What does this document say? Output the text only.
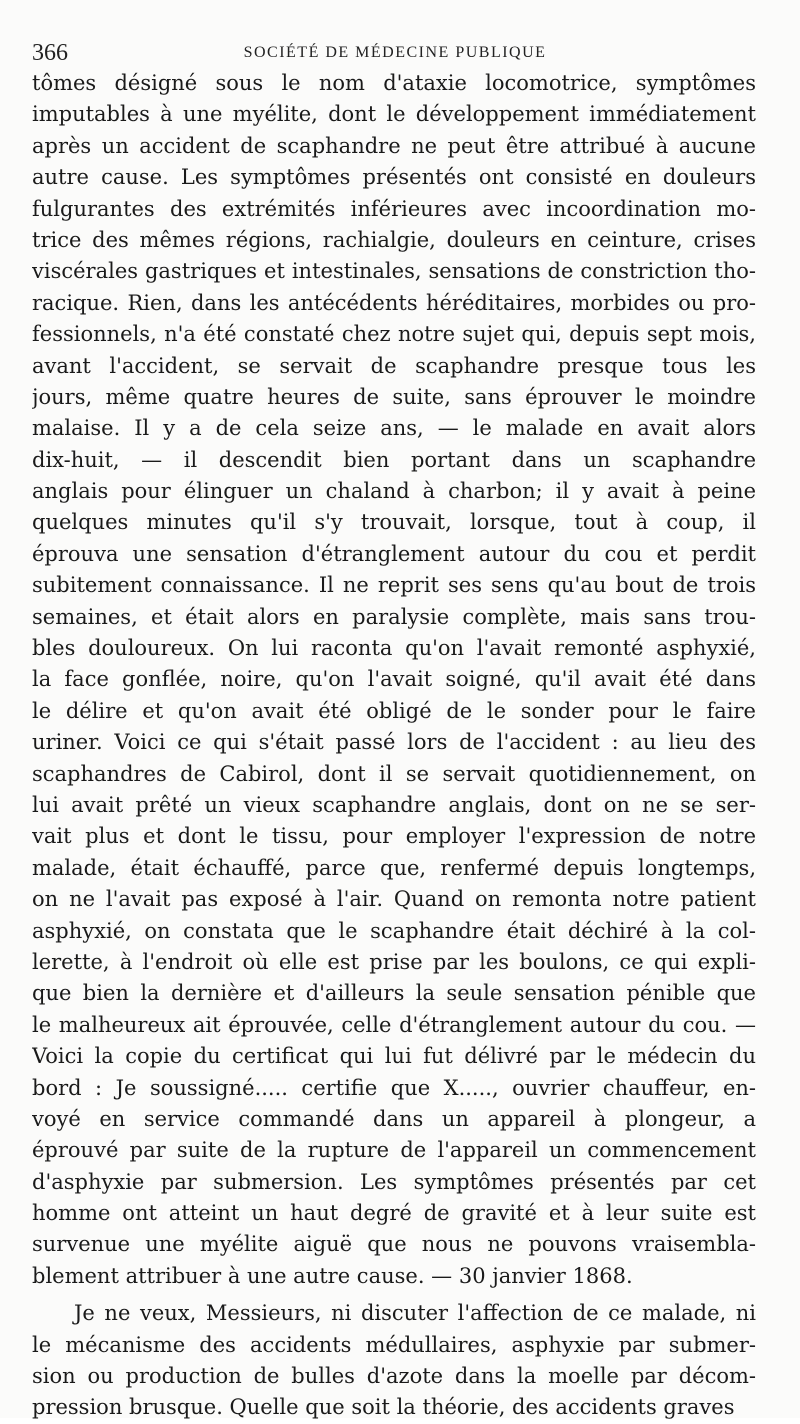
366	SOCIÉTÉ DE MÉDECINE PUBLIQUE
tômes désigné sous le nom d'ataxie locomotrice, symptômes
imputables à une myélite, dont le développement immédiatement
après un accident de scaphandre ne peut être attribué à aucune
autre cause. Les symptômes présentés ont consisté en douleurs
fulgurantes des extrémités inférieures avec incoordination mo-
trice des mêmes régions, rachialgie, douleurs en ceinture, crises
viscérales gastriques et intestinales, sensations de constriction tho-
racique. Rien, dans les antécédents héréditaires, morbides ou pro-
fessionnels, n'a été constaté chez notre sujet qui, depuis sept mois,
avant l'accident, se servait de scaphandre presque tous les
jours, même quatre heures de suite, sans éprouver le moindre
malaise. Il y a de cela seize ans, — le malade en avait alors
dix-huit, — il descendit bien portant dans un scaphandre
anglais pour élinguer un chaland à charbon; il y avait à peine
quelques minutes qu'il s'y trouvait, lorsque, tout à coup, il
éprouva une sensation d'étranglement autour du cou et perdit
subitement connaissance. Il ne reprit ses sens qu'au bout de trois
semaines, et était alors en paralysie complète, mais sans trou-
bles douloureux. On lui raconta qu'on l'avait remonté asphyxié,
la face gonflée, noire, qu'on l'avait soigné, qu'il avait été dans
le délire et qu'on avait été obligé de le sonder pour le faire
uriner. Voici ce qui s'était passé lors de l'accident : au lieu des
scaphandres de Cabirol, dont il se servait quotidiennement, on
lui avait prêté un vieux scaphandre anglais, dont on ne se ser-
vait plus et dont le tissu, pour employer l'expression de notre
malade, était échauffé, parce que, renfermé depuis longtemps,
on ne l'avait pas exposé à l'air. Quand on remonta notre patient
asphyxié, on constata que le scaphandre était déchiré à la col-
lerette, à l'endroit où elle est prise par les boulons, ce qui expli-
que bien la dernière et d'ailleurs la seule sensation pénible que
le malheureux ait éprouvée, celle d'étranglement autour du cou. —
Voici la copie du certificat qui lui fut délivré par le médecin du
bord : Je soussigné..... certifie que X....., ouvrier chauffeur, en-
voyé en service commandé dans un appareil à plongeur, a
éprouvé par suite de la rupture de l'appareil un commencement
d'asphyxie par submersion. Les symptômes présentés par cet
homme ont atteint un haut degré de gravité et à leur suite est
survenue une myélite aiguë que nous ne pouvons vraisembla-
blement attribuer à une autre cause. — 30 janvier 1868.
Je ne veux, Messieurs, ni discuter l'affection de ce malade, ni
le mécanisme des accidents médullaires, asphyxie par submer-
sion ou production de bulles d'azote dans la moelle par décom-
pression brusque. Quelle que soit la théorie, des accidents graves
